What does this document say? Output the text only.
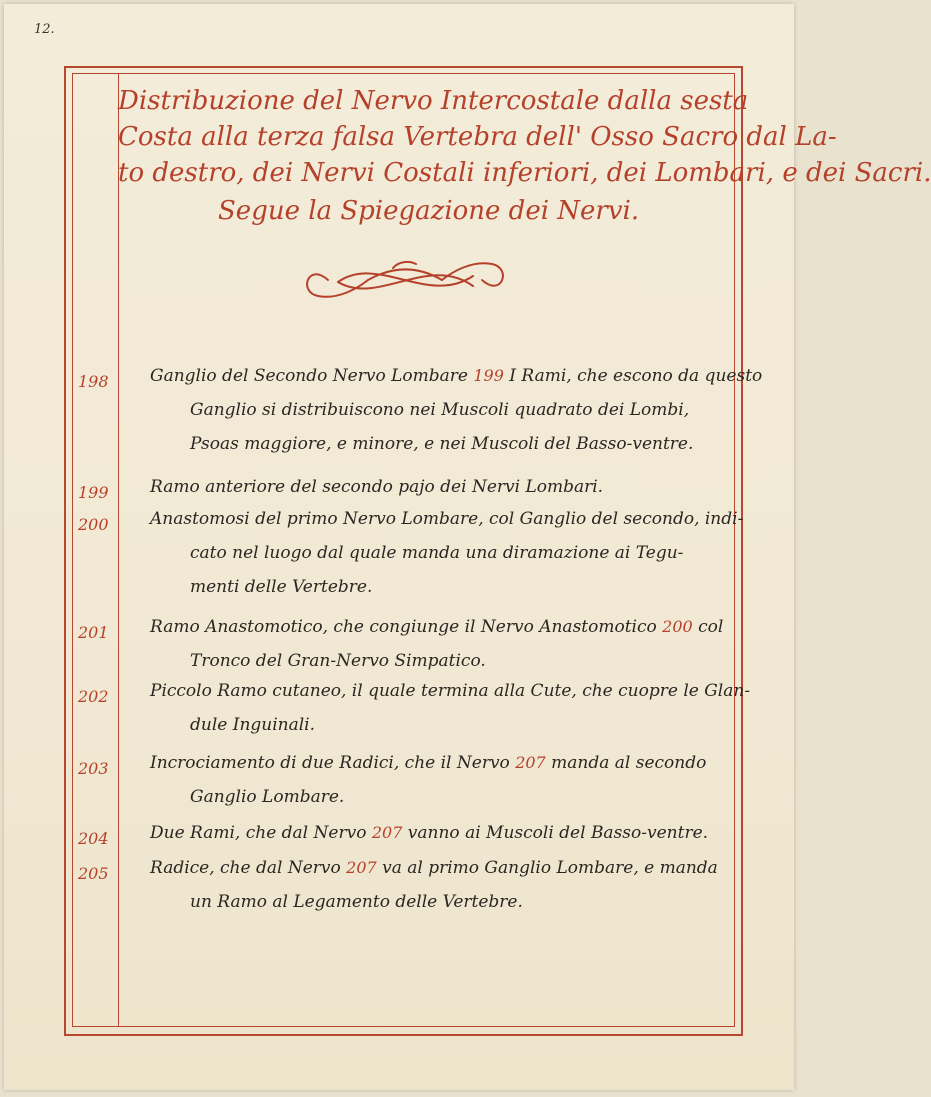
12.
Distribuzione del Nervo Intercostale dalla sesta
Costa alla terza falsa Vertebra dell' Osso Sacro dal La-
to destro, dei Nervi Costali inferiori, dei Lombari, e dei Sacri.
Segue la Spiegazione dei Nervi.
198	Ganglio del Secondo Nervo Lombare 199 I Rami, che escono da questo
Ganglio si distribuiscono nei Muscoli quadrato dei Lombi,
Psoas maggiore, e minore, e nei Muscoli del Basso-ventre.
199	Ramo anteriore del secondo pajo dei Nervi Lombari.
200	Anastomosi del primo Nervo Lombare, col Ganglio del secondo, indi-
cato nel luogo dal quale manda una diramazione ai Tegu-
menti delle Vertebre.
201	Ramo Anastomotico, che congiunge il Nervo Anastomotico 200 col
Tronco del Gran-Nervo Simpatico.
202	Piccolo Ramo cutaneo, il quale termina alla Cute, che cuopre le Glan-
dule Inguinali.
203	Incrociamento di due Radici, che il Nervo 207 manda al secondo
Ganglio Lombare.
204	Due Rami, che dal Nervo 207 vanno ai Muscoli del Basso-ventre.
205	Radice, che dal Nervo 207 va al primo Ganglio Lombare, e manda
un Ramo al Legamento delle Vertebre.
